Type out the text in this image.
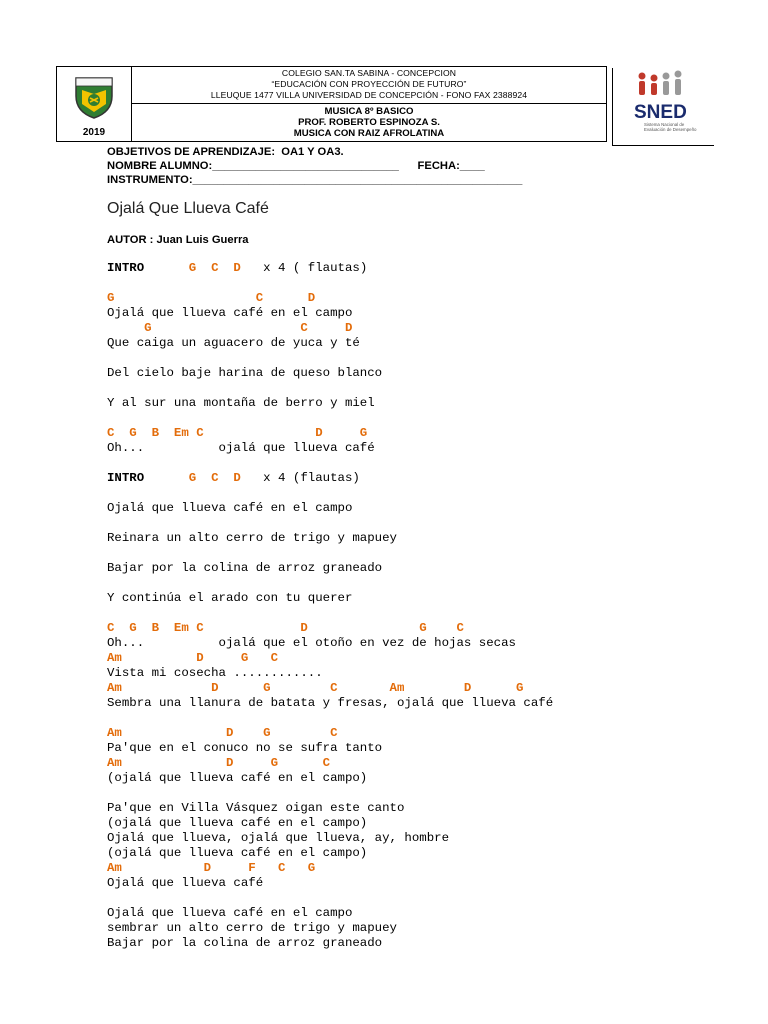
2019

COLEGIO SAN.TA SABINA - CONCEPCION
“EDUCACIÓN CON PROYECCIÓN DE FUTURO”
LLEUQUE 1477 VILLA UNIVERSIDAD DE CONCEPCIÓN - FONO FAX 2388924

MUSICA 8º BASICO
PROF. ROBERTO ESPINOZA S.
MUSICA CON RAIZ AFROLATINA
SNED
Sistema Nacional de
Evaluación de Desempeño
OBJETIVOS DE APRENDIZAJE:  OA1 Y OA3.
NOMBRE ALUMNO:______________________________      FECHA:____
INSTRUMENTO:_____________________________________________________
Ojalá Que Llueva Café
AUTOR : Juan Luis Guerra
INTRO      G  C  D   x 4 ( flautas)
G                   C      D
Ojalá que llueva café en el campo
G                    C     D
Que caiga un aguacero de yuca y té
Del cielo baje harina de queso blanco
Y al sur una montaña de berro y miel
C  G  B  Em C               D     G
Oh...          ojalá que llueva café
INTRO      G  C  D   x 4 (flautas)
Ojalá que llueva café en el campo
Reinara un alto cerro de trigo y mapuey
Bajar por la colina de arroz graneado
Y continúa el arado con tu querer
C  G  B  Em C             D               G    C
Oh...          ojalá que el otoño en vez de hojas secas
Am          D     G   C
Vista mi cosecha ............
Am            D      G        C       Am        D      G
Sembra una llanura de batata y fresas, ojalá que llueva café
Am              D    G        C
Pa'que en el conuco no se sufra tanto
Am              D     G      C
(ojalá que llueva café en el campo)
Pa'que en Villa Vásquez oigan este canto
(ojalá que llueva café en el campo)
Ojalá que llueva, ojalá que llueva, ay, hombre
(ojalá que llueva café en el campo)
Am           D     F   C   G
Ojalá que llueva café
Ojalá que llueva café en el campo
sembrar un alto cerro de trigo y mapuey
Bajar por la colina de arroz graneado
